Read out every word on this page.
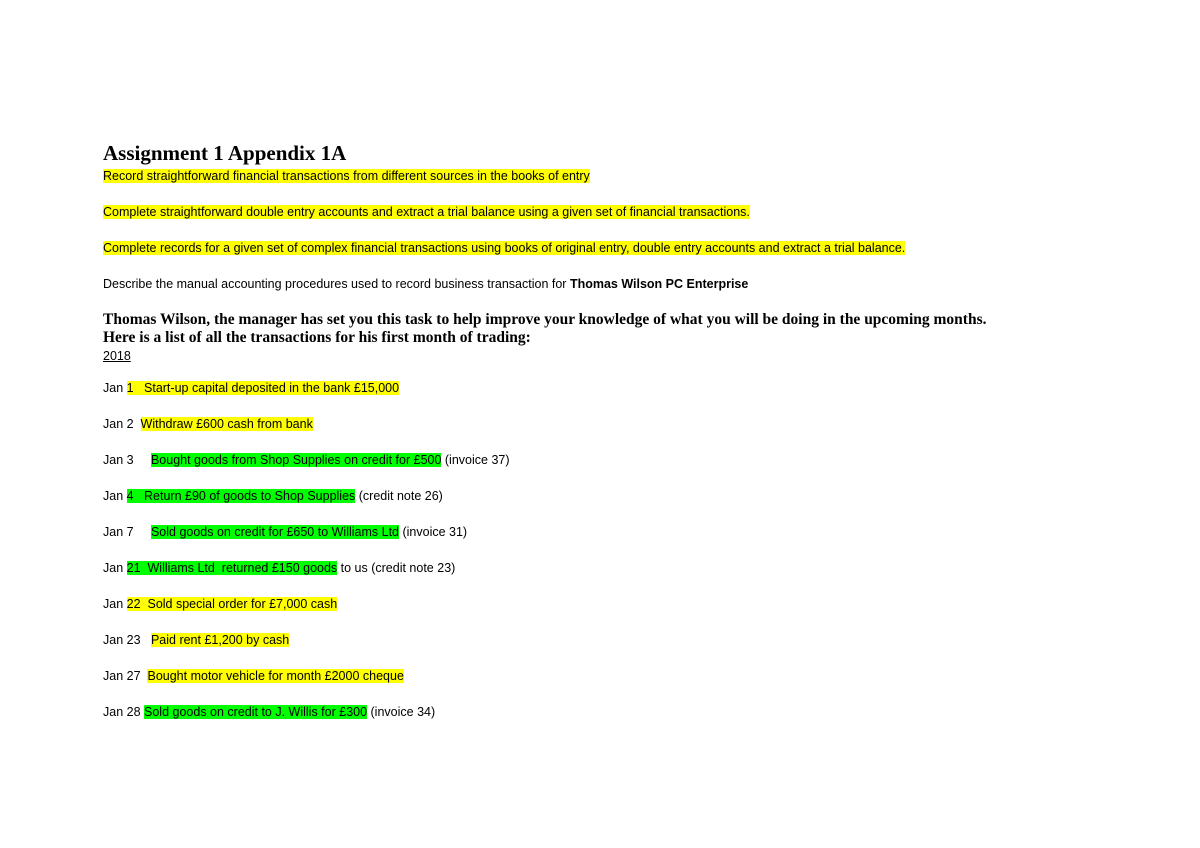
Assignment 1 Appendix 1A
Record straightforward financial transactions from different sources in the books of entry
Complete straightforward double entry accounts and extract a trial balance using a given set of financial transactions.
Complete records for a given set of complex financial transactions using books of original entry, double entry accounts and extract a trial balance.
Describe the manual accounting procedures used to record business transaction for Thomas Wilson PC Enterprise
Thomas Wilson, the manager has set you this task to help improve your knowledge of what you will be doing in the upcoming months.
Here is a list of all the transactions for his first month of trading:
2018
Jan 1   Start-up capital deposited in the bank £15,000
Jan 2  Withdraw £600 cash from bank
Jan 3     Bought goods from Shop Supplies on credit for £500 (invoice 37)
Jan 4   Return £90 of goods to Shop Supplies (credit note 26)
Jan 7     Sold goods on credit for £650 to Williams Ltd (invoice 31)
Jan 21  Williams Ltd  returned £150 goods to us (credit note 23)
Jan 22  Sold special order for £7,000 cash
Jan 23   Paid rent £1,200 by cash
Jan 27  Bought motor vehicle for month £2000 cheque
Jan 28 Sold goods on credit to J. Willis for £300 (invoice 34)
